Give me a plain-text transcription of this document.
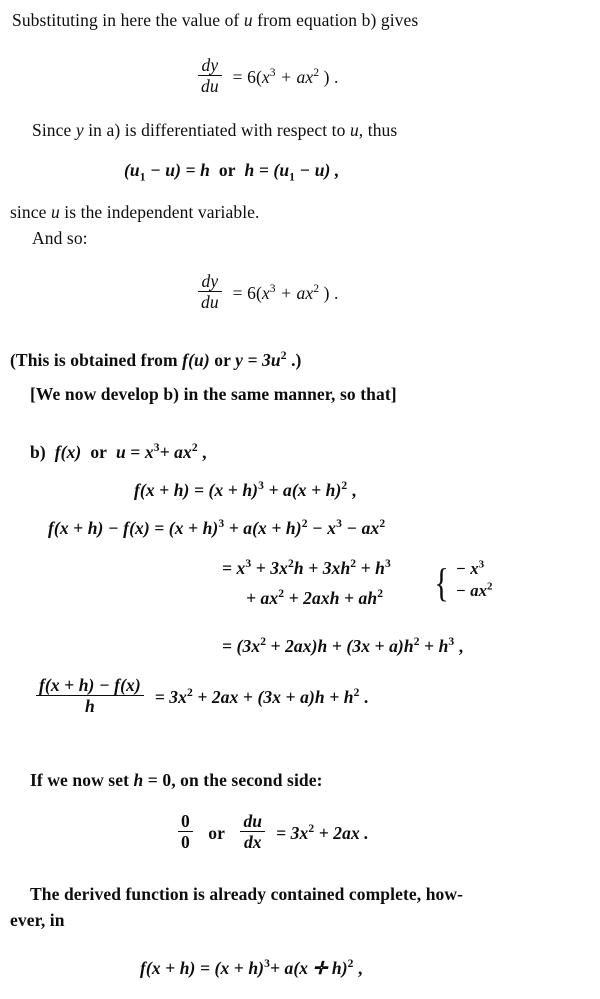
Substituting in here the value of u from equation b) gives
$\frac{dy}{du} = 6(x^3 + ax^2$ ) .
Since y in a) is differentiated with respect to u, thus
$(u_1 - u) = h$ or $h = (u_1 - u)$ ,
since u is the independent variable.
And so:
$\frac{dy}{du} = 6(x^3 + ax^2$ ) .
(This is obtained from f(u) or $y = 3u^2$ .)
[We now develop b) in the same manner, so that]
b) f(x) or $u = x^3+ ax^2$ ,
$f(x + h) = (x + h)^3 + a(x + h)^2$ ,
$f(x + h) - f(x) = (x + h)^3 + a(x + h)^2 - x^3 - ax^2$
= $x^3 + 3x^2h + 3xh^2 + h^3$
+ $ax^2 + 2axh + ah^2$ { − $x^3$
− $ax^2$
= $(3x^2 + 2ax)h + (3x + a)h^2 + h^3$ ,
$\frac{f(x + h) - f(x)}{h} = 3x^2 + 2ax + (3x + a)h + h^2$ .
If we now set h = 0, on the second side:
$\frac{0}{0}$ or $\frac{du}{dx} = 3x^2 + 2ax$ .
The derived function is already contained complete, how-
ever, in
$f(x + h) = (x + h)^3+ a(x$ ✛ h)$^2$ ,
